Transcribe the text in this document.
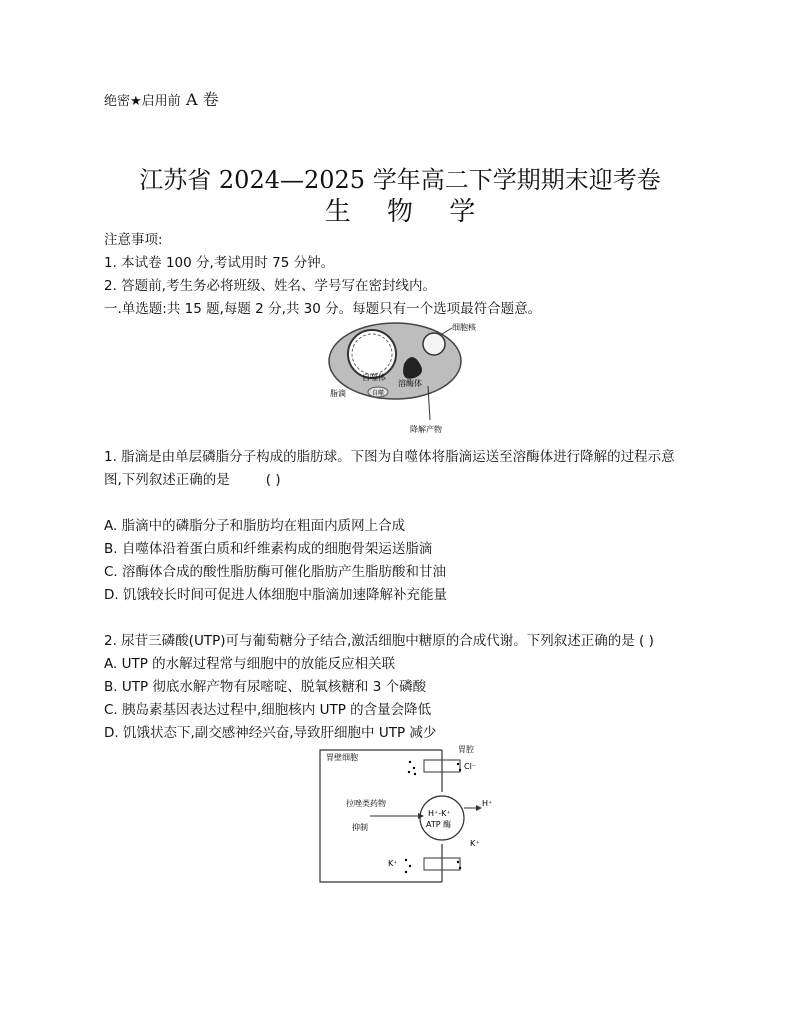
绝密★启用前 A 卷
江苏省 2024—2025 学年高二下学期期末迎考卷
生 物 学
注意事项:
1. 本试卷 100 分,考试用时 75 分钟。
2. 答题前,考生务必将班级、姓名、学号写在密封线内。
一.单选题:共 15 题,每题 2 分,共 30 分。每题只有一个选项最符合题意。
细胞核
自噬体
溶酶体
脂滴	自噬
降解产物
1. 脂滴是由单层磷脂分子构成的脂肪球。下图为自噬体将脂滴运送至溶酶体进行降解的过程示意
图,下列叙述正确的是	( )
A. 脂滴中的磷脂分子和脂肪均在粗面内质网上合成
B. 自噬体沿着蛋白质和纤维素构成的细胞骨架运送脂滴
C. 溶酶体合成的酸性脂肪酶可催化脂肪产生脂肪酸和甘油
D. 饥饿较长时间可促进人体细胞中脂滴加速降解补充能量
2. 尿苷三磷酸(UTP)可与葡萄糖分子结合,激活细胞中糖原的合成代谢。下列叙述正确的是 ( )
A. UTP 的水解过程常与细胞中的放能反应相关联
B. UTP 彻底水解产物有尿嘧啶、脱氧核糖和 3 个磷酸
C. 胰岛素基因表达过程中,细胞核内 UTP 的含量会降低
D. 饥饿状态下,副交感神经兴奋,导致肝细胞中 UTP 减少
胃壁细胞
胃腔
Cl⁻
H⁺-K⁺
ATP 酶
H⁺
K⁺
拉唑类药物
抑制
K⁺
